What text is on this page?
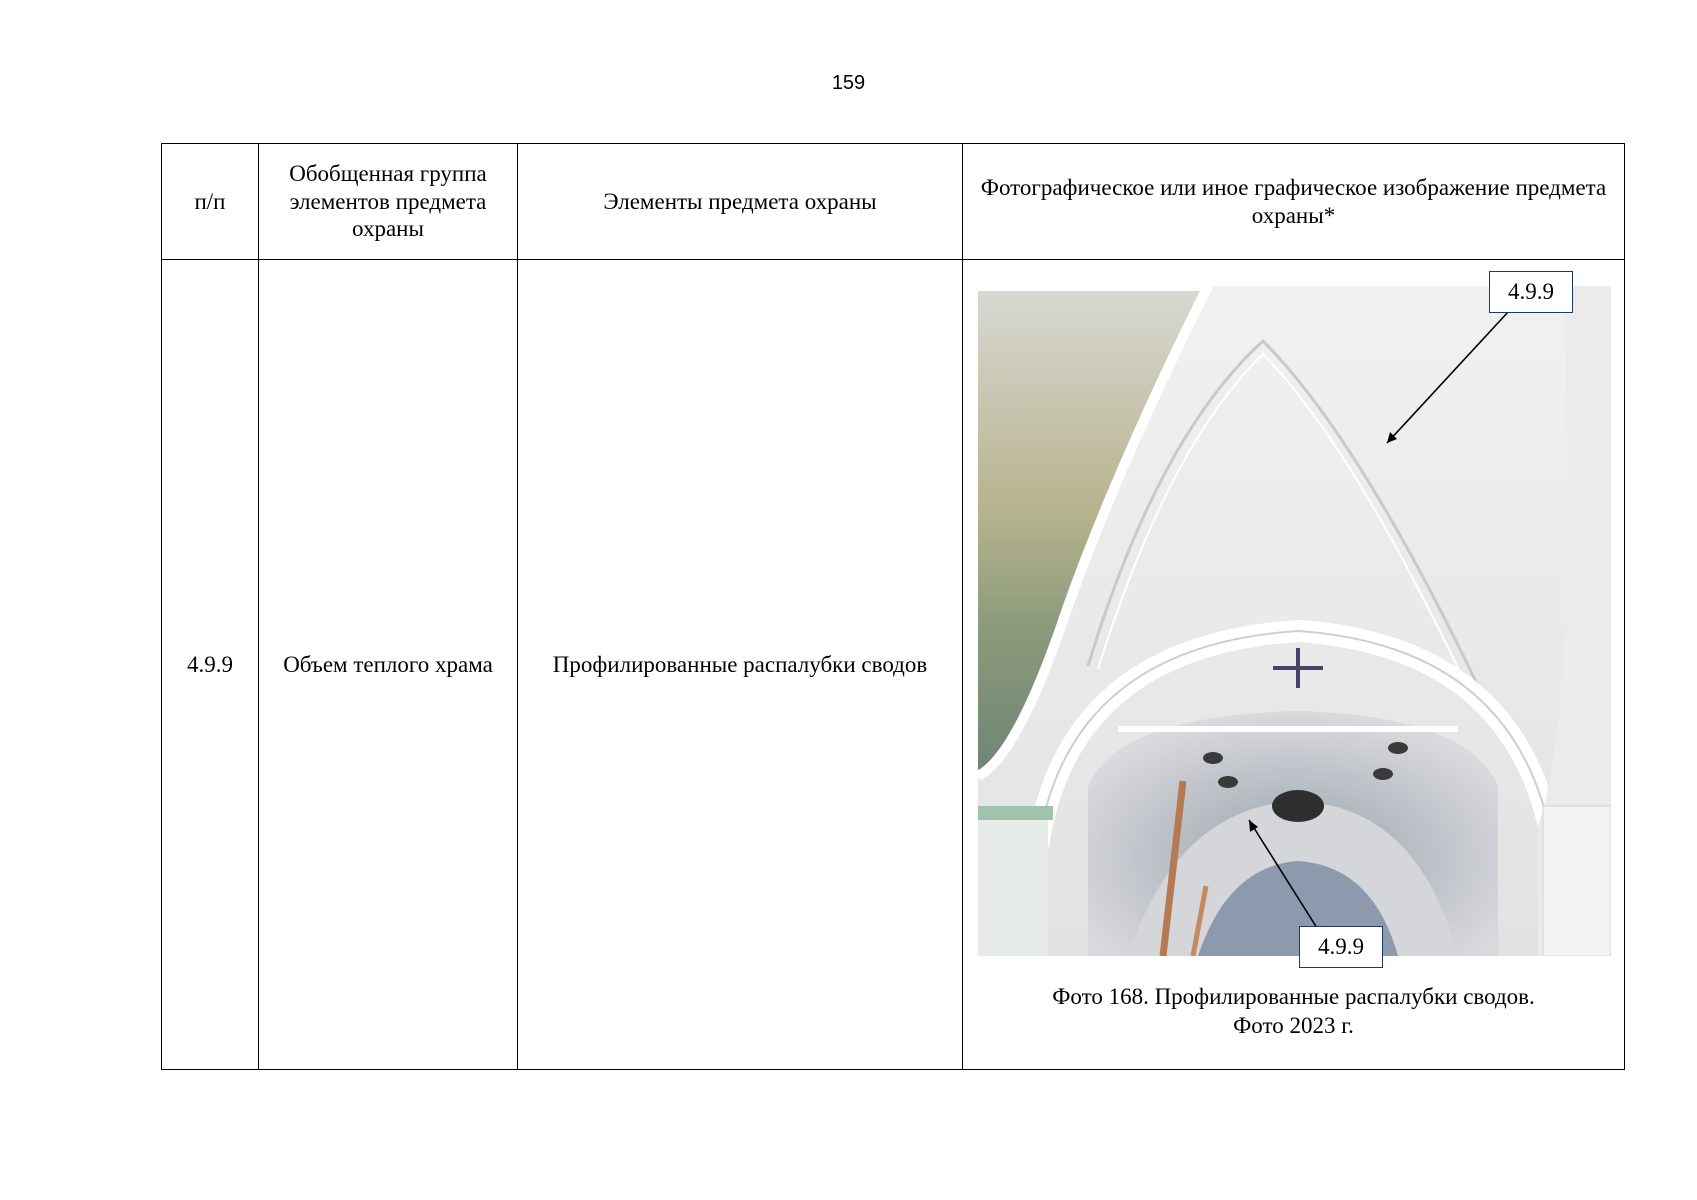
159
п/п	Обобщенная группа элементов предмета охраны	Элементы предмета охраны	Фотографическое или иное графическое изображение предмета охраны*
4.9.9	Объем теплого храма	Профилированные распалубки сводов	4.9.9
4.9.9
Фото 168. Профилированные распалубки сводов.
Фото 2023 г.
